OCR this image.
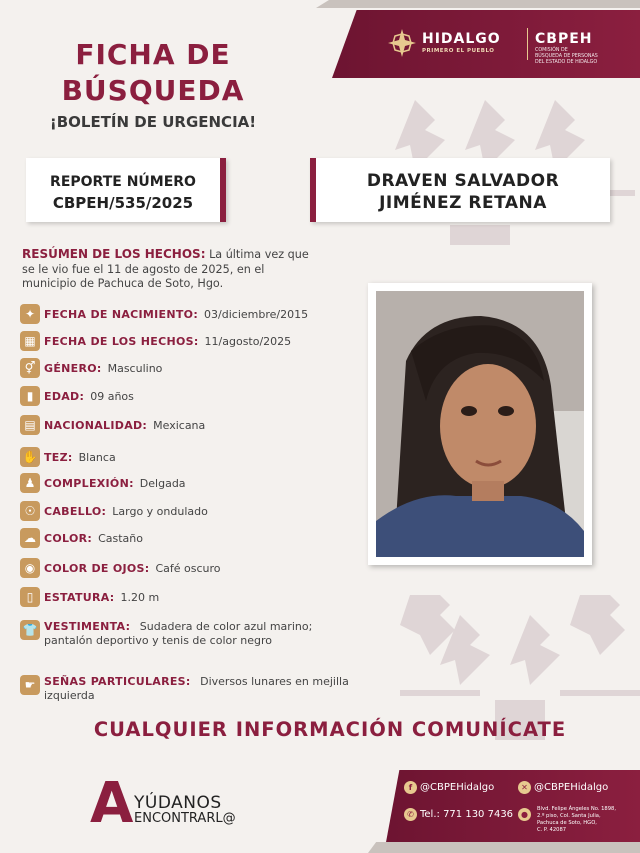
FICHA DE
BÚSQUEDA
¡BOLETÍN DE URGENCIA!
HIDALGO
PRIMERO EL PUEBLO
CBPEH
COMISIÓN DE
BÚSQUEDA DE PERSONAS
DEL ESTADO DE HIDALGO
REPORTE NÚMERO
CBPEH/535/2025
DRAVEN SALVADOR
JIMÉNEZ RETANA
RESÚMEN DE LOS HECHOS: La última vez que se le vio fue el 11 de agosto de 2025, en el municipio de Pachuca de Soto, Hgo.
✦ FECHA DE NACIMIENTO: 03/diciembre/2015
▦ FECHA DE LOS HECHOS: 11/agosto/2025
⚥ GÉNERO: Masculino
▮ EDAD: 09 años
▤ NACIONALIDAD: Mexicana
✋ TEZ: Blanca
♟ COMPLEXIÓN: Delgada
☉ CABELLO: Largo y ondulado
☁ COLOR: Castaño
◉ COLOR DE OJOS: Café oscuro
▯ ESTATURA: 1.20 m
👕 VESTIMENTA: Sudadera de color azul marino; pantalón deportivo y tenis de color negro
☛ SEÑAS PARTICULARES: Diversos lunares en mejilla izquierda
CUALQUIER INFORMACIÓN COMUNÍCATE
A YÚDANOS
ENCONTRARL@
f @CBPEHidalgo	✕ @CBPEHidalgo
✆ Tel.: 771 130 7436 ●
Blvd. Felipe Ángeles No. 1898,
2.º piso, Col. Santa Julia,
Pachuca de Soto, HGO,
C. P. 42087
